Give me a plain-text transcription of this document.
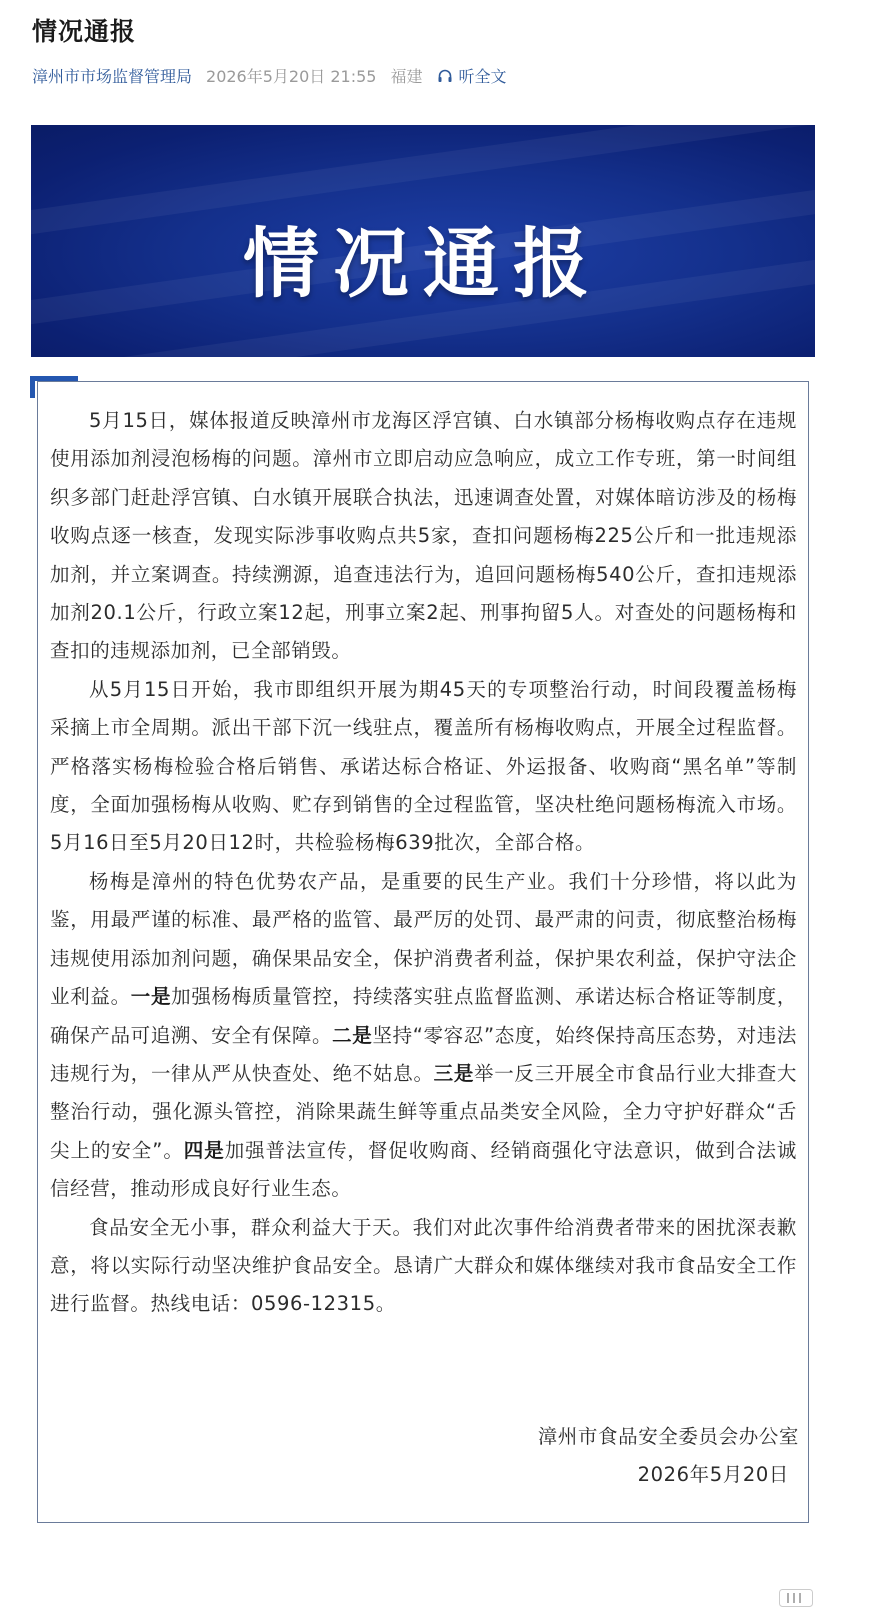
情况通报
漳州市市场监督管理局 2026年5月20日 21:55 福建 听全文
情况通报

5月15日，媒体报道反映漳州市龙海区浮宫镇、白水镇部分杨梅收购点存在违规使用添加剂浸泡杨梅的问题。漳州市立即启动应急响应，成立工作专班，第一时间组织多部门赶赴浮宫镇、白水镇开展联合执法，迅速调查处置，对媒体暗访涉及的杨梅收购点逐一核查，发现实际涉事收购点共5家，查扣问题杨梅225公斤和一批违规添加剂，并立案调查。持续溯源，追查违法行为，追回问题杨梅540公斤，查扣违规添加剂20.1公斤，行政立案12起，刑事立案2起、刑事拘留5人。对查处的问题杨梅和查扣的违规添加剂，已全部销毁。

从5月15日开始，我市即组织开展为期45天的专项整治行动，时间段覆盖杨梅采摘上市全周期。派出干部下沉一线驻点，覆盖所有杨梅收购点，开展全过程监督。严格落实杨梅检验合格后销售、承诺达标合格证、外运报备、收购商“黑名单”等制度，全面加强杨梅从收购、贮存到销售的全过程监管，坚决杜绝问题杨梅流入市场。5月16日至5月20日12时，共检验杨梅639批次，全部合格。

杨梅是漳州的特色优势农产品，是重要的民生产业。我们十分珍惜，将以此为鉴，用最严谨的标准、最严格的监管、最严厉的处罚、最严肃的问责，彻底整治杨梅违规使用添加剂问题，确保果品安全，保护消费者利益，保护果农利益，保护守法企业利益。一是加强杨梅质量管控，持续落实驻点监督监测、承诺达标合格证等制度，确保产品可追溯、安全有保障。二是坚持“零容忍”态度，始终保持高压态势，对违法违规行为，一律从严从快查处、绝不姑息。三是举一反三开展全市食品行业大排查大整治行动，强化源头管控，消除果蔬生鲜等重点品类安全风险，全力守护好群众“舌尖上的安全”。四是加强普法宣传，督促收购商、经销商强化守法意识，做到合法诚信经营，推动形成良好行业生态。

食品安全无小事，群众利益大于天。我们对此次事件给消费者带来的困扰深表歉意，将以实际行动坚决维护食品安全。恳请广大群众和媒体继续对我市食品安全工作进行监督。热线电话：0596-12315。

漳州市食品安全委员会办公室
2026年5月20日
